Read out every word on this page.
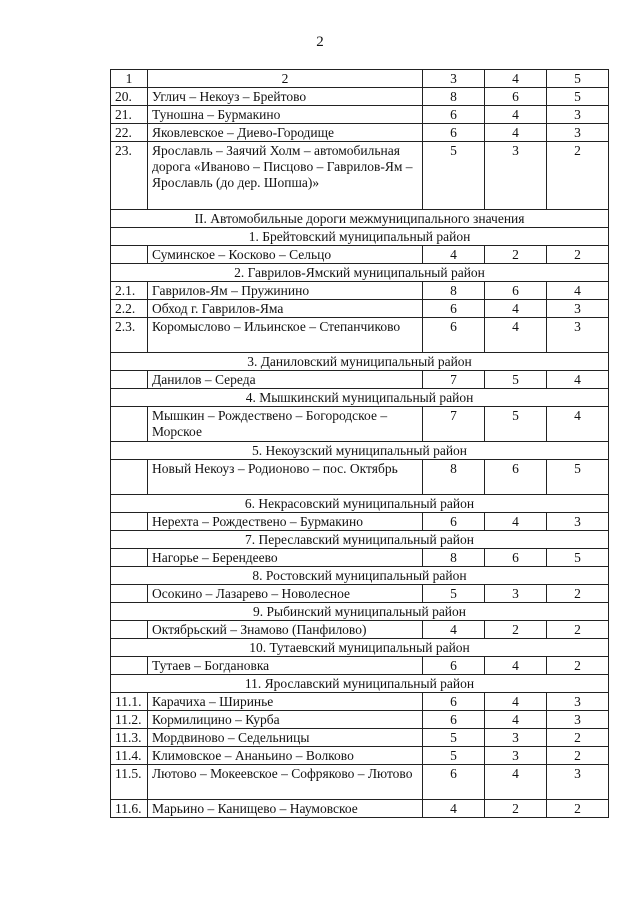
2
1	2	3	4	5
20.	Углич – Некоуз – Брейтово	8	6	5
21.	Туношна – Бурмакино	6	4	3
22.	Яковлевское – Диево-Городище	6	4	3
23.	Ярославль – Заячий Холм – автомобильная дорога «Иваново – Писцово – Гаврилов-Ям – Ярославль (до дер. Шопша)»	5	3	2
II. Автомобильные дороги межмуниципального значения				
1. Брейтовский муниципальный район				
	Суминское – Косково – Сельцо	4	2	2
2. Гаврилов-Ямский муниципальный район				
2.1.	Гаврилов-Ям – Пружинино	8	6	4
2.2.	Обход г. Гаврилов-Яма	6	4	3
2.3.	Коромыслово – Ильинское – Степанчиково	6	4	3
3. Даниловский муниципальный район				
	Данилов – Середа	7	5	4
4. Мышкинский муниципальный район				
	Мышкин – Рождествено – Богородское – Морское	7	5	4
5. Некоузский муниципальный район				
	Новый Некоуз – Родионово – пос. Октябрь	8	6	5
6. Некрасовский муниципальный район				
	Нерехта – Рождествено – Бурмакино	6	4	3
7. Переславский муниципальный район				
	Нагорье – Берендеево	8	6	5
8. Ростовский муниципальный район				
	Осокино – Лазарево – Новолесное	5	3	2
9. Рыбинский муниципальный район				
	Октябрьский – Знамово (Панфилово)	4	2	2
10. Тутаевский муниципальный район				
	Тутаев – Богдановка	6	4	2
11. Ярославский муниципальный район				
11.1.	Карачиха – Ширинье	6	4	3
11.2.	Кормилицино – Курба	6	4	3
11.3.	Мордвиново – Седельницы	5	3	2
11.4.	Климовское – Ананьино – Волково	5	3	2
11.5.	Лютово – Мокеевское – Софряково – Лютово	6	4	3
11.6.	Марьино – Канищево – Наумовское	4	2	2
